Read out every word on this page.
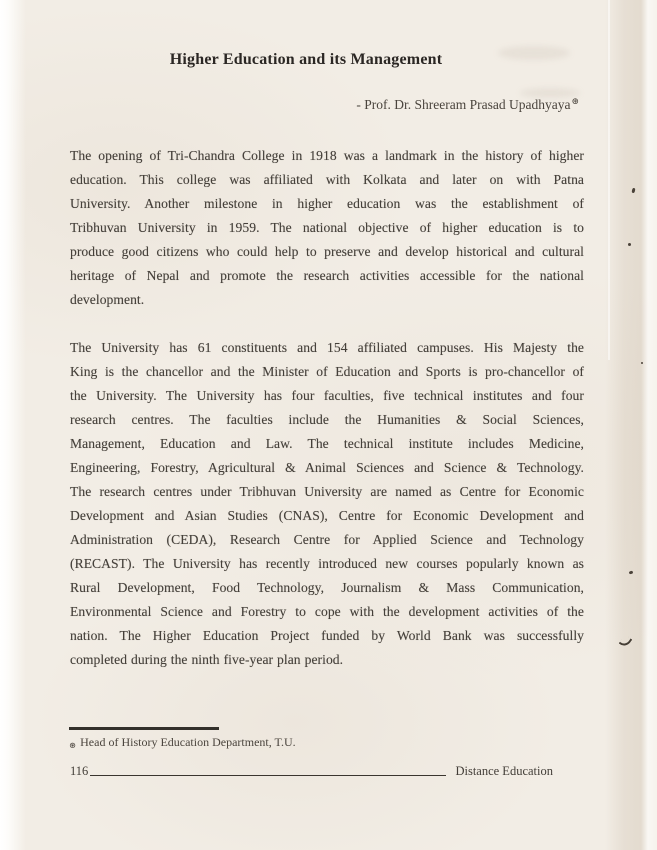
Higher Education and its Management
- Prof. Dr. Shreeram Prasad Upadhyaya⊛
The opening of Tri-Chandra College in 1918 was a landmark in the history of higher
education. This college was affiliated with Kolkata and later on with Patna
University. Another milestone in higher education was the establishment of
Tribhuvan University in 1959. The national objective of higher education is to
produce good citizens who could help to preserve and develop historical and cultural
heritage of Nepal and promote the research activities accessible for the national
development.
The University has 61 constituents and 154 affiliated campuses. His Majesty the
King is the chancellor and the Minister of Education and Sports is pro-chancellor of
the University. The University has four faculties, five technical institutes and four
research centres. The faculties include the Humanities & Social Sciences,
Management, Education and Law. The technical institute includes Medicine,
Engineering, Forestry, Agricultural & Animal Sciences and Science & Technology.
The research centres under Tribhuvan University are named as Centre for Economic
Development and Asian Studies (CNAS), Centre for Economic Development and
Administration (CEDA), Research Centre for Applied Science and Technology
(RECAST). The University has recently introduced new courses popularly known as
Rural Development, Food Technology, Journalism & Mass Communication,
Environmental Science and Forestry to cope with the development activities of the
nation. The Higher Education Project funded by World Bank was successfully
completed during the ninth five-year plan period.
⊛ Head of History Education Department, T.U.
116	Distance Education
